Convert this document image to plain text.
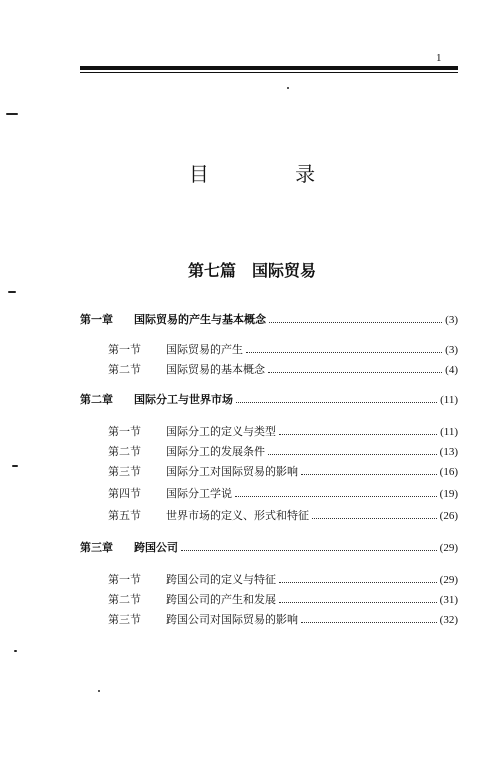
1
目 录
第七篇 国际贸易
第一章	国际贸易的产生与基本概念	(3)
第一节	国际贸易的产生	(3)
第二节	国际贸易的基本概念	(4)
第二章	国际分工与世界市场	(11)
第一节	国际分工的定义与类型	(11)
第二节	国际分工的发展条件	(13)
第三节	国际分工对国际贸易的影响	(16)
第四节	国际分工学说	(19)
第五节	世界市场的定义、形式和特征	(26)
第三章	跨国公司	(29)
第一节	跨国公司的定义与特征	(29)
第二节	跨国公司的产生和发展	(31)
第三节	跨国公司对国际贸易的影响	(32)
